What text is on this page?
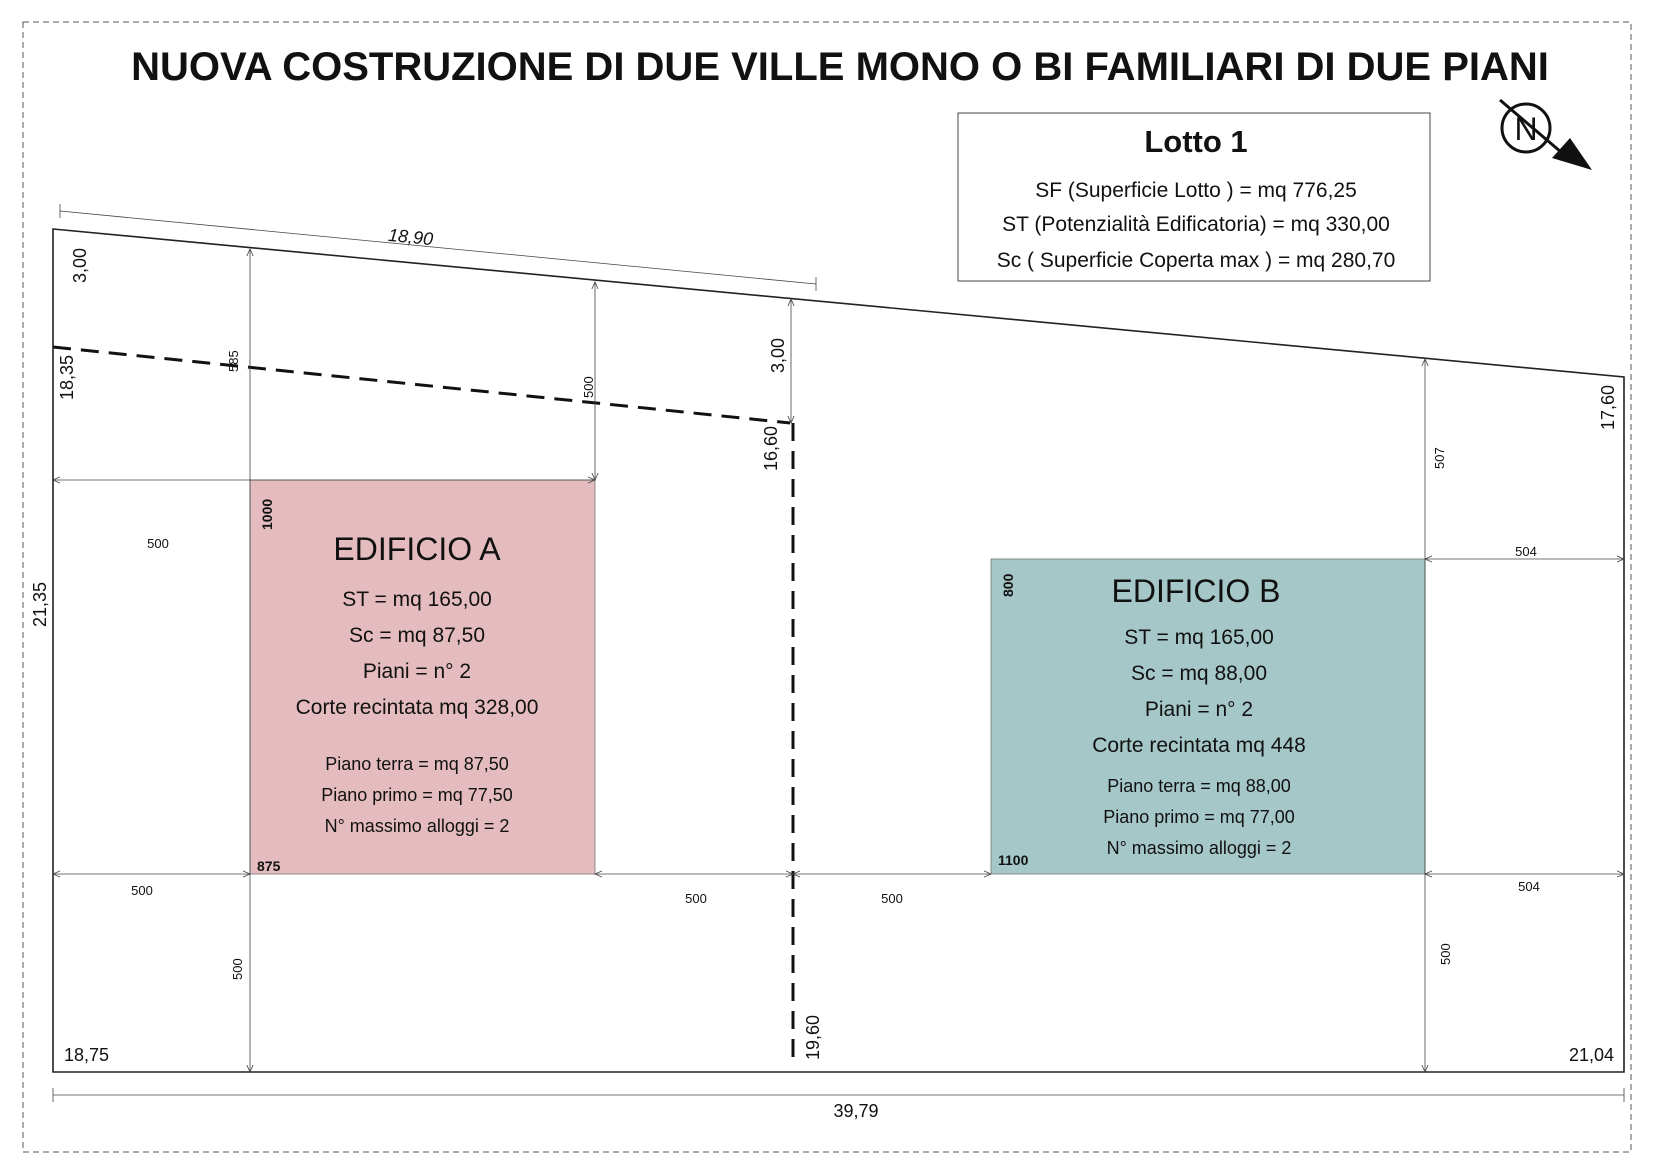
NUOVA COSTRUZIONE DI DUE VILLE MONO O BI FAMILIARI DI DUE PIANI
Lotto 1
SF (Superficie Lotto ) = mq 776,25
ST (Potenzialità Edificatoria) = mq 330,00
Sc ( Superficie Coperta max ) = mq 280,70
N
18,90
39,79
3,00
18,35
21,35
3,00
16,60
19,60
17,60
585
500
500
507
500
1000
800
500
504
500
500	500
504
875	1100
18,75	21,04
EDIFICIO A
ST = mq 165,00
Sc = mq 87,50
Piani = n° 2
Corte recintata mq 328,00
Piano terra = mq 87,50
Piano primo = mq 77,50
N° massimo alloggi = 2
EDIFICIO B
ST = mq 165,00
Sc = mq 88,00
Piani = n° 2
Corte recintata mq 448
Piano terra = mq 88,00
Piano primo = mq 77,00
N° massimo alloggi = 2
